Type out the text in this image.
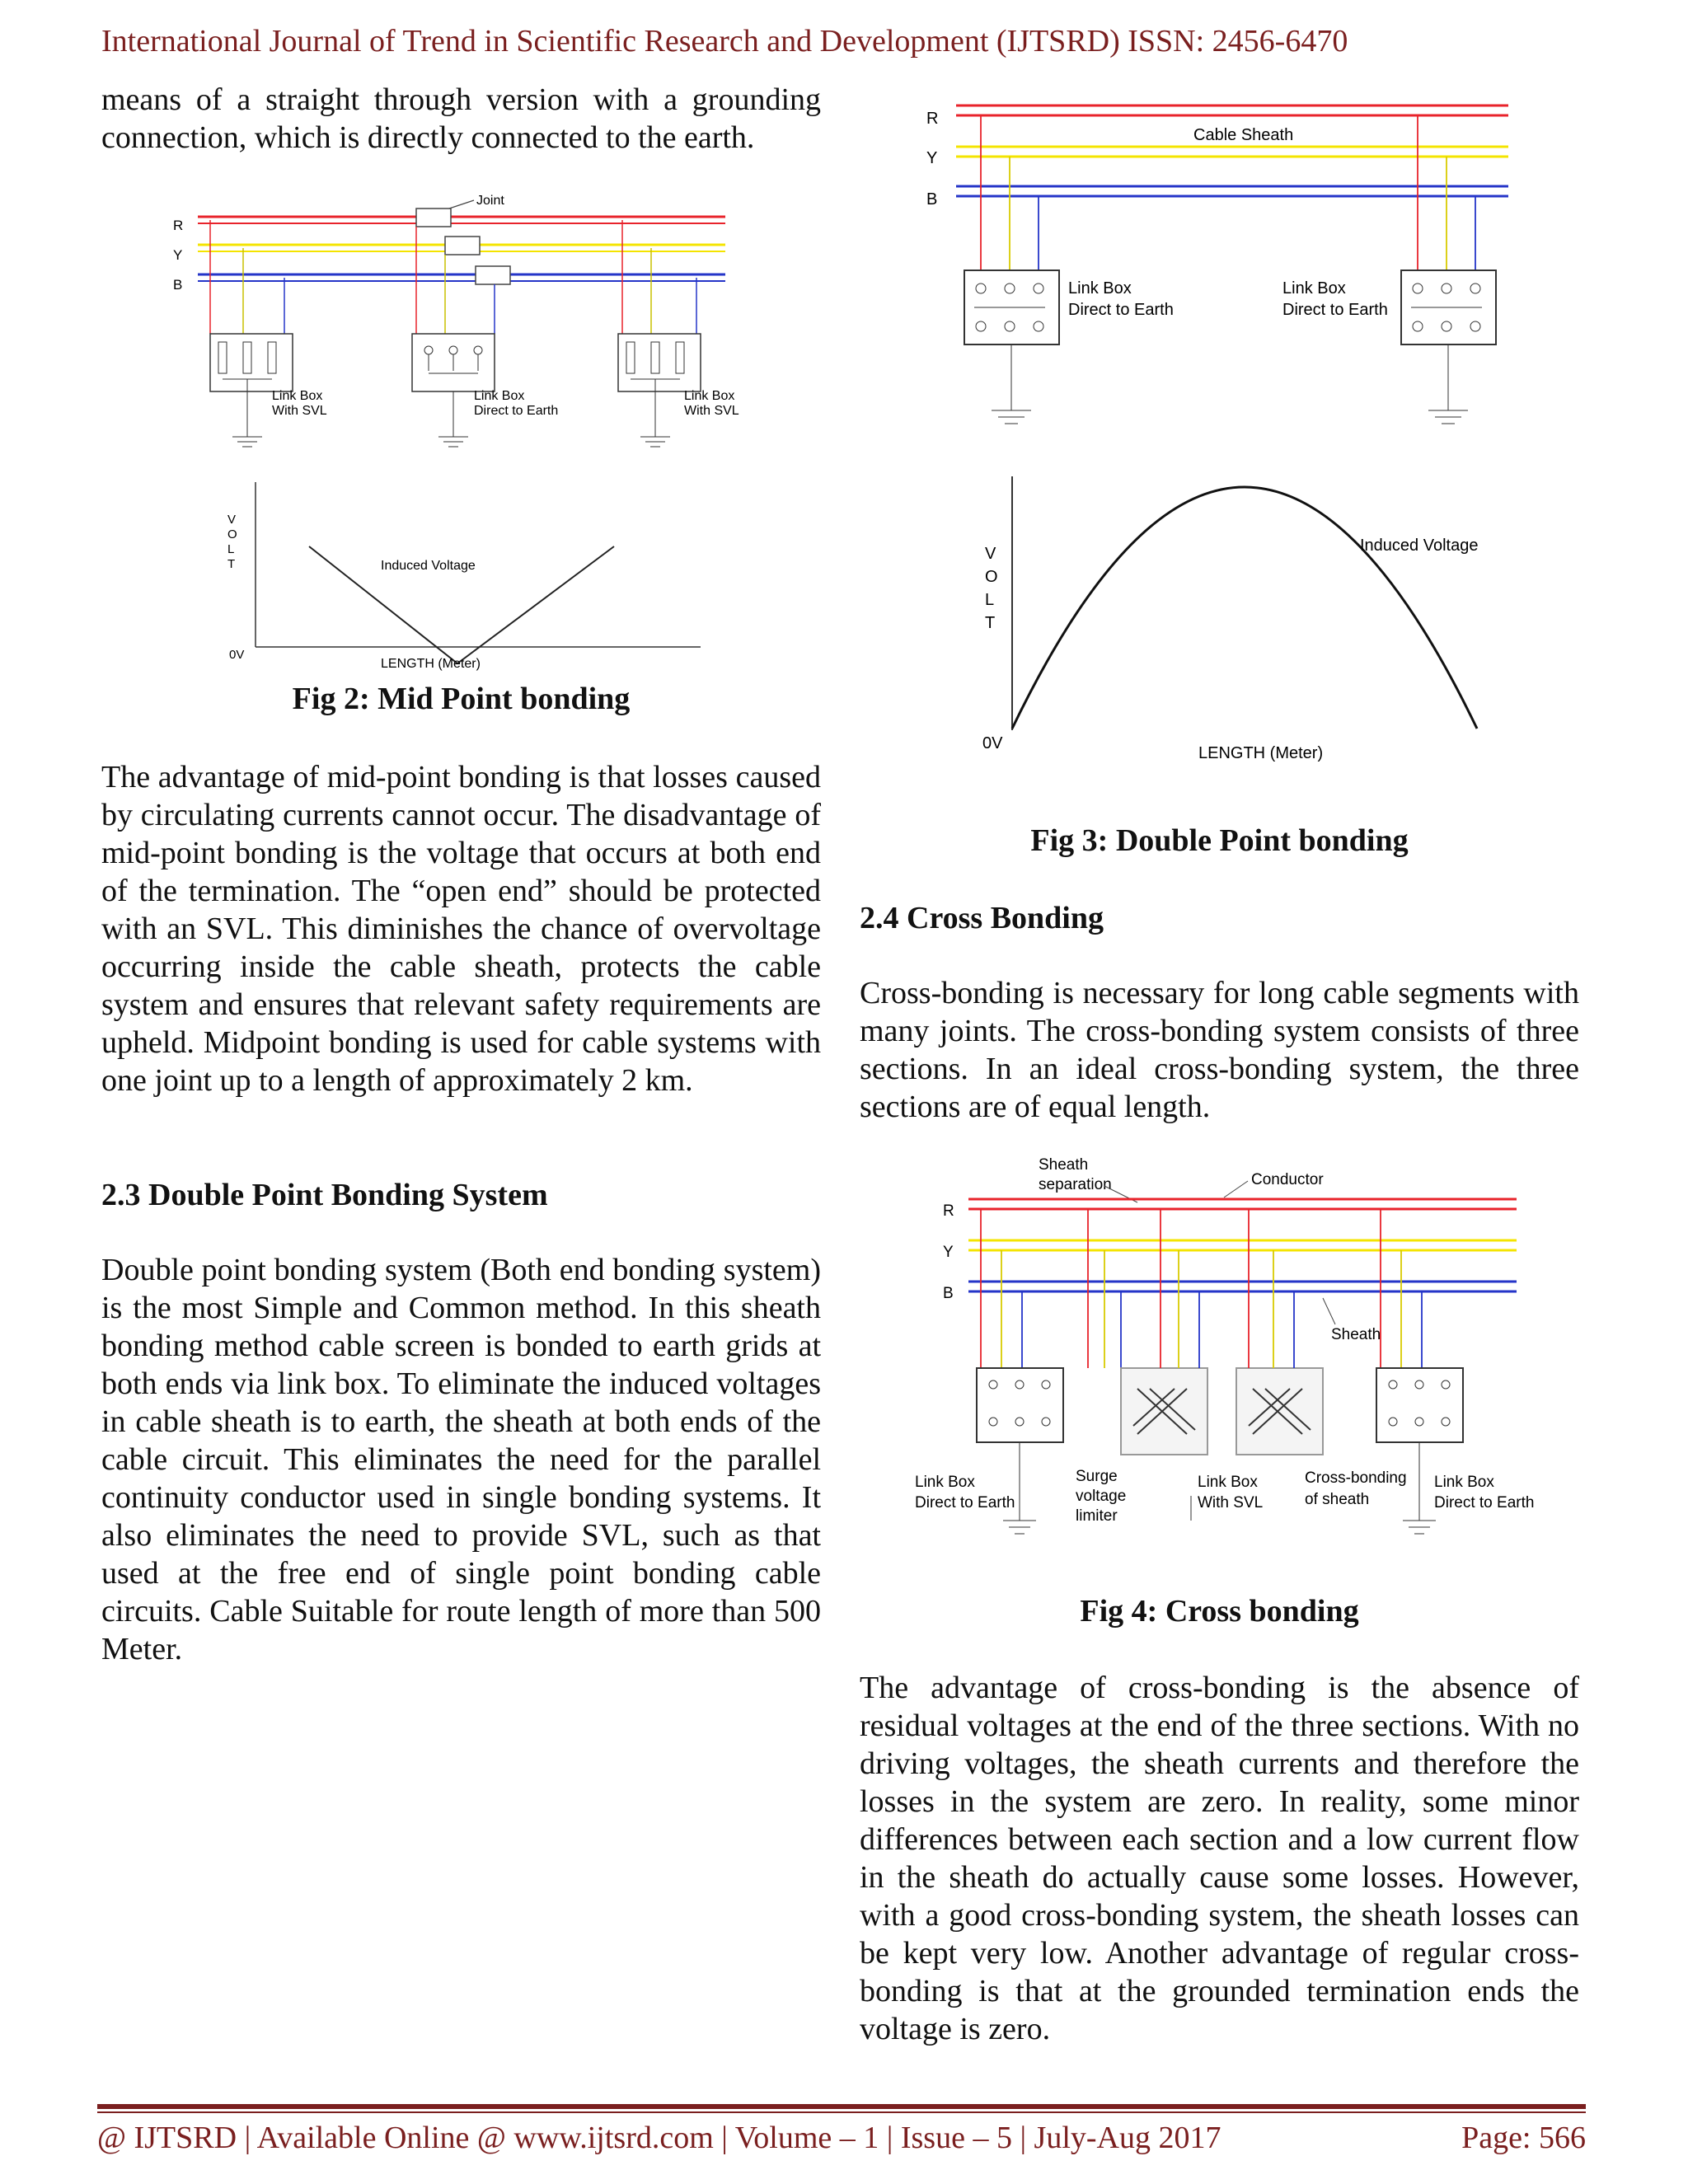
International Journal of Trend in Scientific Research and Development (IJTSRD) ISSN: 2456-6470

means of a straight through version with a grounding connection, which is directly connected to the earth.

R
Y
B
Joint
Link Box
With SVL
Link Box
Direct to Earth
Link Box
With SVL
V
O
L
T
0V
Induced Voltage
LENGTH (Meter)
Fig 2: Mid Point bonding

The advantage of mid-point bonding is that losses caused by circulating currents cannot occur. The disadvantage of mid-point bonding is the voltage that occurs at both end of the termination. The “open end” should be protected with an SVL. This diminishes the chance of overvoltage occurring inside the cable sheath, protects the cable system and ensures that relevant safety requirements are upheld. Midpoint bonding is used for cable systems with one joint up to a length of approximately 2 km.

2.3 Double Point Bonding System

Double point bonding system (Both end bonding system) is the most Simple and Common method. In this sheath bonding method cable screen is bonded to earth grids at both ends via link box. To eliminate the induced voltages in cable sheath is to earth, the sheath at both ends of the cable circuit. This eliminates the need for the parallel continuity conductor used in single bonding systems. It also eliminates the need to provide SVL, such as that used at the free end of single point bonding cable circuits. Cable Suitable for route length of more than 500 Meter.

R
Y
B
Cable Sheath
Link Box
Direct to Earth
Link Box
Direct to Earth
V
O
L
T
0V
Induced Voltage
LENGTH (Meter)
Fig 3: Double Point bonding
2.4 Cross Bonding

Cross-bonding is necessary for long cable segments with many joints. The cross-bonding system consists of three sections. In an ideal cross-bonding system, the three sections are of equal length.

R
Y
B
Sheath
separation	Conductor
Sheath
Link Box
Direct to Earth
Surge
voltage
limiter
Link Box
With SVL
Cross-bonding
of sheath
Link Box
Direct to Earth
Fig 4: Cross bonding

The advantage of cross-bonding is the absence of residual voltages at the end of the three sections. With no driving voltages, the sheath currents and therefore the losses in the system are zero. In reality, some minor differences between each section and a low current flow in the sheath do actually cause some losses. However, with a good cross-bonding system, the sheath losses can be kept very low. Another advantage of regular cross-bonding is that at the grounded termination ends the voltage is zero.

@ IJTSRD | Available Online @ www.ijtsrd.com | Volume – 1 | Issue – 5 | July-Aug 2017	Page: 566
